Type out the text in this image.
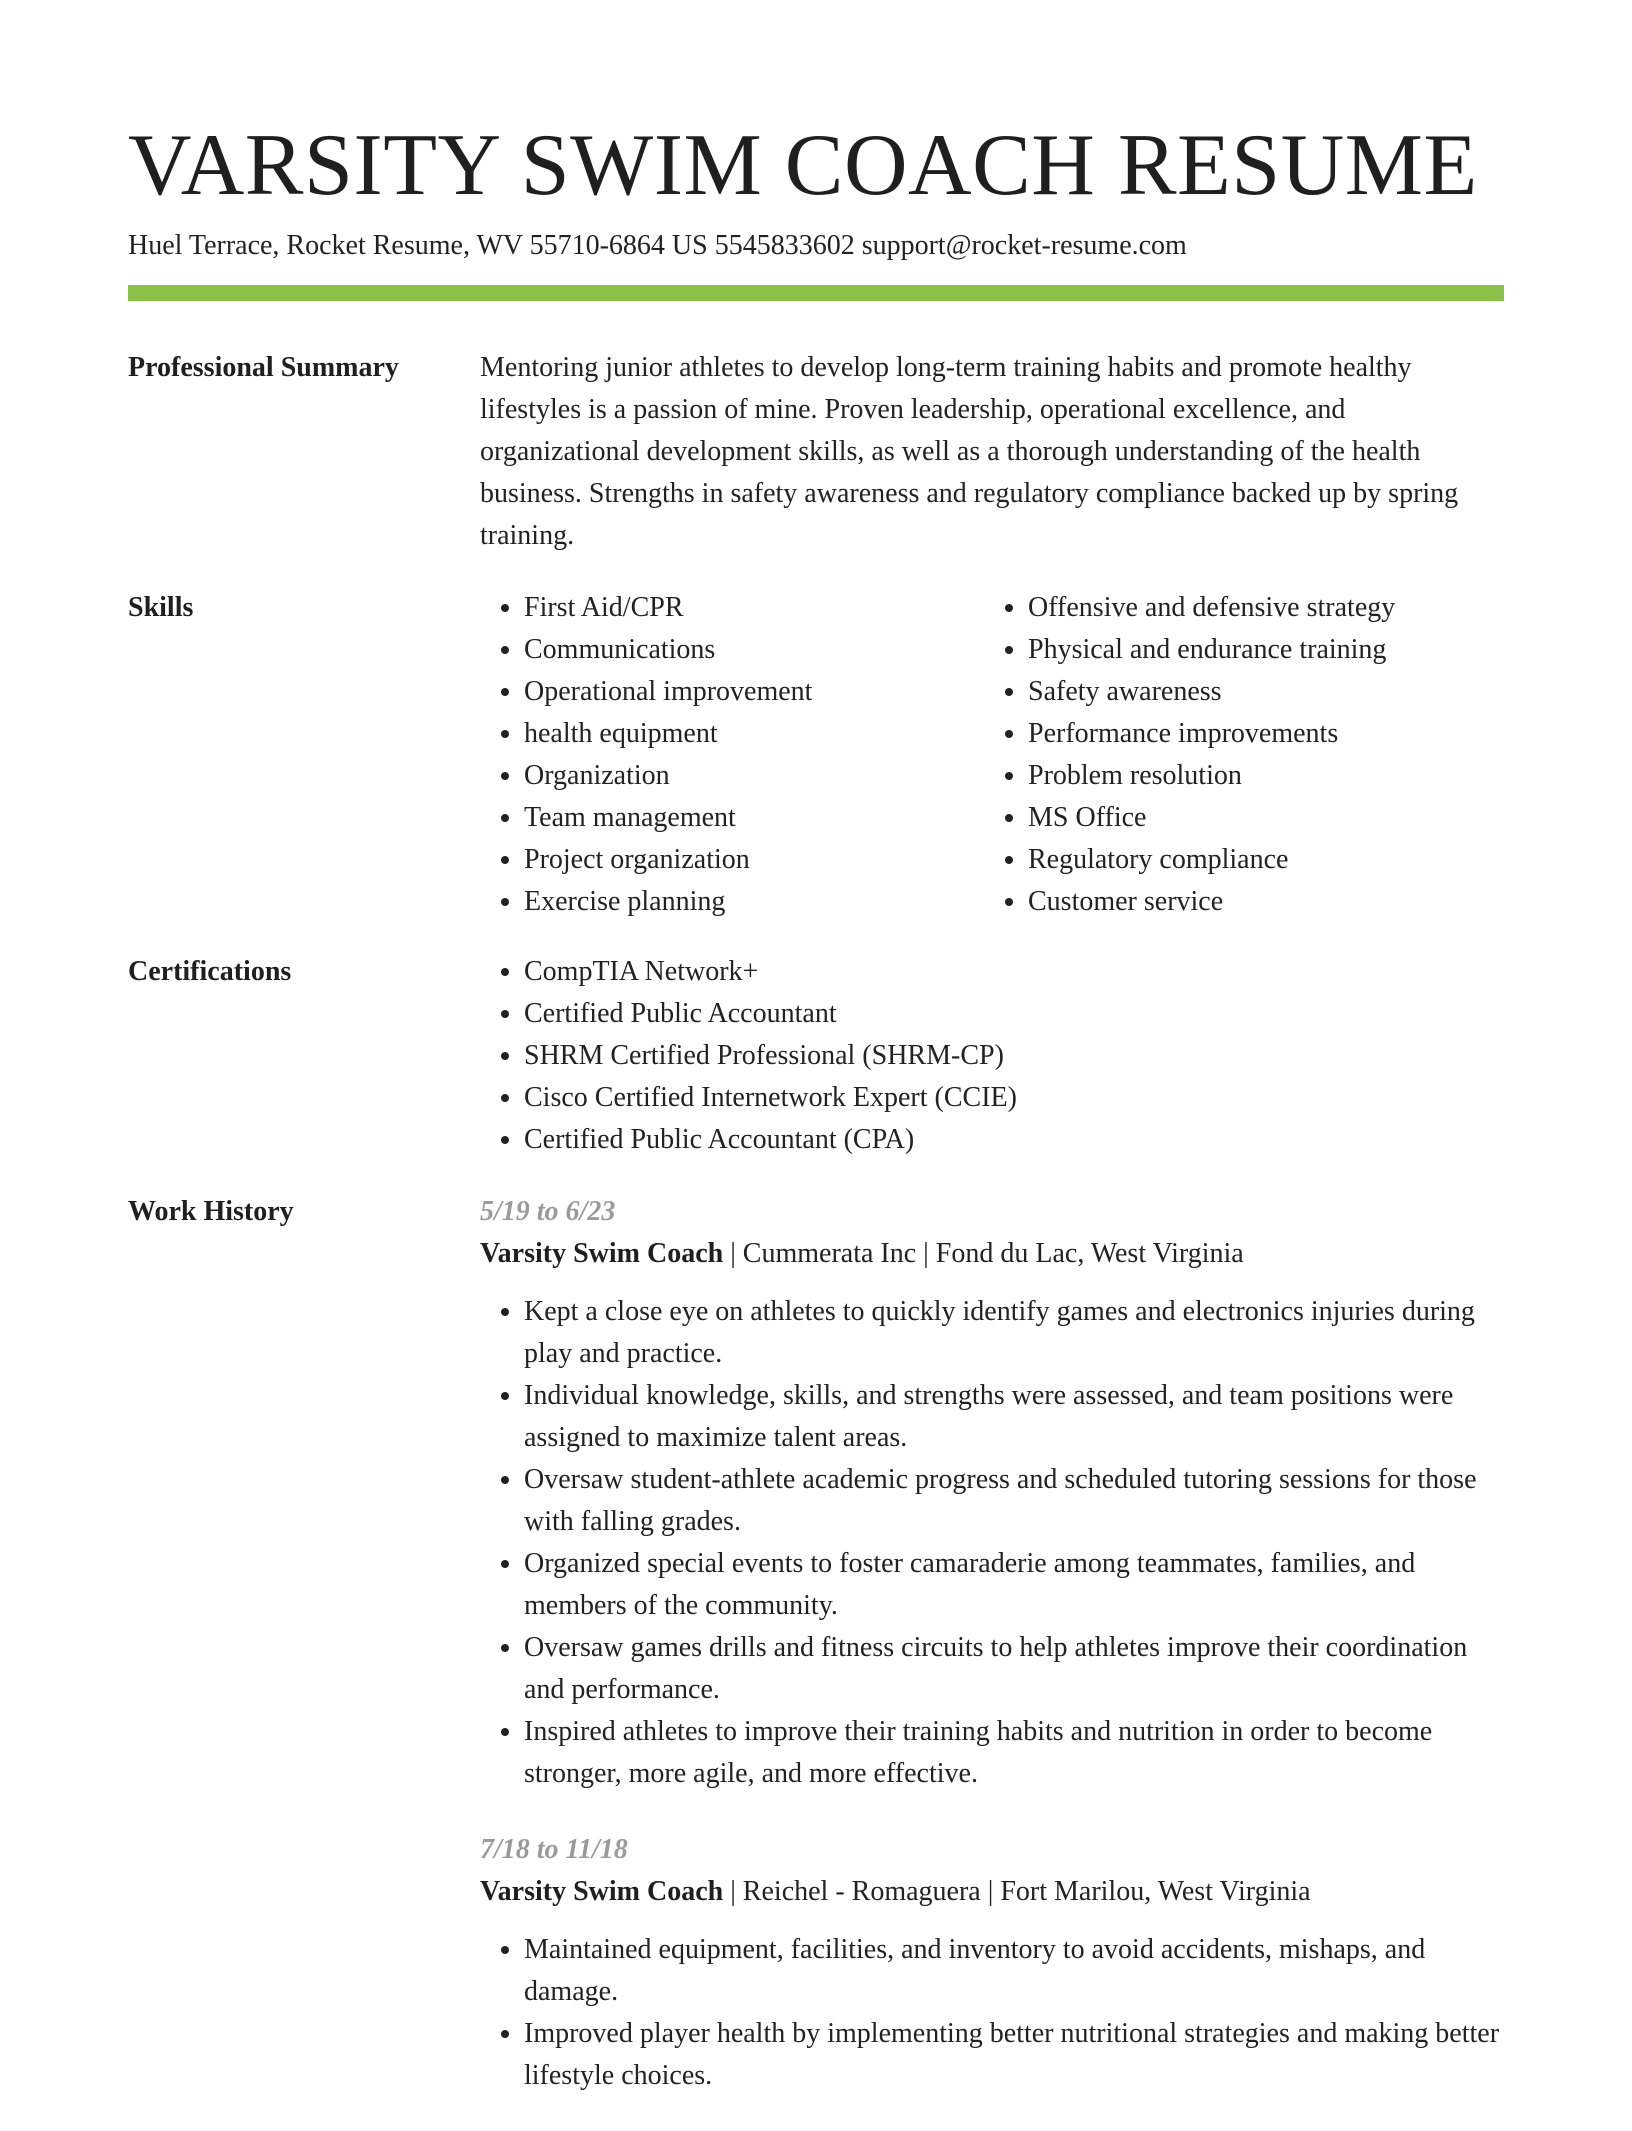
VARSITY SWIM COACH RESUME
Huel Terrace, Rocket Resume, WV 55710-6864 US 5545833602 support@rocket-resume.com
Professional Summary	Mentoring junior athletes to develop long-term training habits and promote healthy lifestyles is a passion of mine. Proven leadership, operational excellence, and organizational development skills, as well as a thorough understanding of the health business. Strengths in safety awareness and regulatory compliance backed up by spring training.

Skills	• First Aid/CPR
• Communications
• Operational improvement
• health equipment
• Organization
• Team management
• Project organization
• Exercise planning
• Offensive and defensive strategy
• Physical and endurance training
• Safety awareness
• Performance improvements
• Problem resolution
• MS Office
• Regulatory compliance
• Customer service
Certifications	• CompTIA Network+
• Certified Public Accountant
• SHRM Certified Professional (SHRM-CP)
• Cisco Certified Internetwork Expert (CCIE)
• Certified Public Accountant (CPA)
Work History	5/19 to 6/23
Varsity Swim Coach | Cummerata Inc | Fond du Lac, West Virginia
• Kept a close eye on athletes to quickly identify games and electronics injuries during play and practice.
• Individual knowledge, skills, and strengths were assessed, and team positions were assigned to maximize talent areas.
• Oversaw student-athlete academic progress and scheduled tutoring sessions for those with falling grades.
• Organized special events to foster camaraderie among teammates, families, and members of the community.
• Oversaw games drills and fitness circuits to help athletes improve their coordination and performance.
• Inspired athletes to improve their training habits and nutrition in order to become stronger, more agile, and more effective.
7/18 to 11/18
Varsity Swim Coach | Reichel - Romaguera | Fort Marilou, West Virginia
• Maintained equipment, facilities, and inventory to avoid accidents, mishaps, and damage.
• Improved player health by implementing better nutritional strategies and making better lifestyle choices.
